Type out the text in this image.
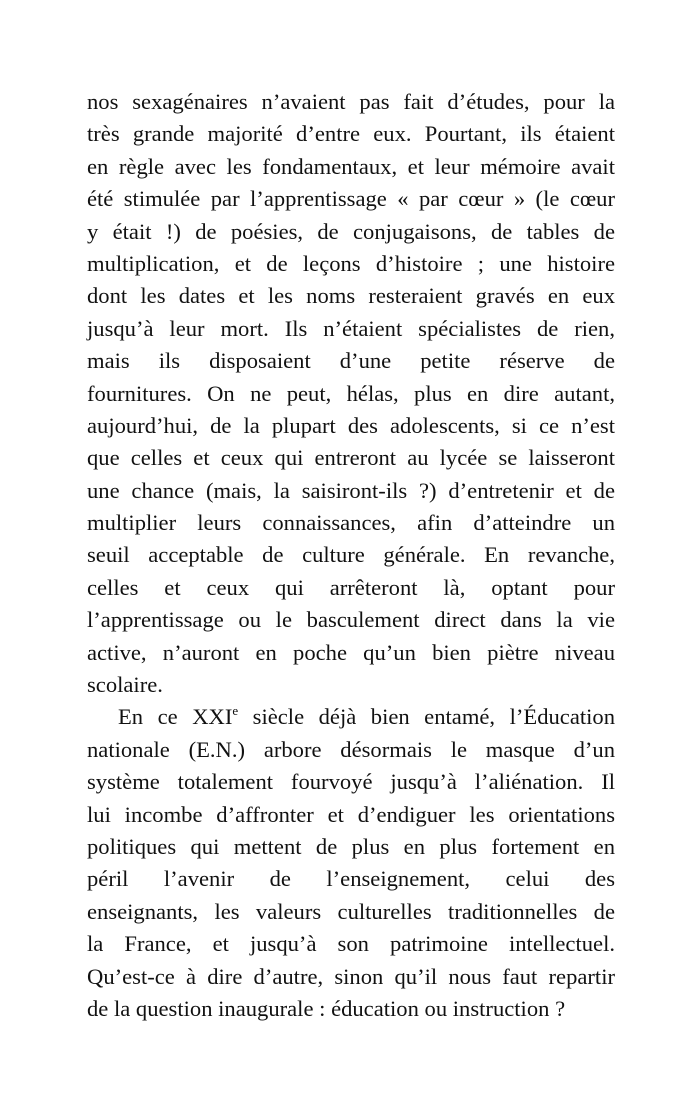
nos sexagénaires n’avaient pas fait d’études, pour la
très grande majorité d’entre eux. Pourtant, ils étaient
en règle avec les fondamentaux, et leur mémoire avait
été stimulée par l’apprentissage « par cœur » (le cœur
y était !) de poésies, de conjugaisons, de tables de
multiplication, et de leçons d’histoire ; une histoire
dont les dates et les noms resteraient gravés en eux
jusqu’à leur mort. Ils n’étaient spécialistes de rien,
mais ils disposaient d’une petite réserve de
fournitures. On ne peut, hélas, plus en dire autant,
aujourd’hui, de la plupart des adolescents, si ce n’est
que celles et ceux qui entreront au lycée se laisseront
une chance (mais, la saisiront-ils ?) d’entretenir et de
multiplier leurs connaissances, afin d’atteindre un
seuil acceptable de culture générale. En revanche,
celles et ceux qui arrêteront là, optant pour
l’apprentissage ou le basculement direct dans la vie
active, n’auront en poche qu’un bien piètre niveau
scolaire.
En ce XXIe siècle déjà bien entamé, l’Éducation
nationale (E.N.) arbore désormais le masque d’un
système totalement fourvoyé jusqu’à l’aliénation. Il
lui incombe d’affronter et d’endiguer les orientations
politiques qui mettent de plus en plus fortement en
péril l’avenir de l’enseignement, celui des
enseignants, les valeurs culturelles traditionnelles de
la France, et jusqu’à son patrimoine intellectuel.
Qu’est-ce à dire d’autre, sinon qu’il nous faut repartir
de la question inaugurale : éducation ou instruction ?
